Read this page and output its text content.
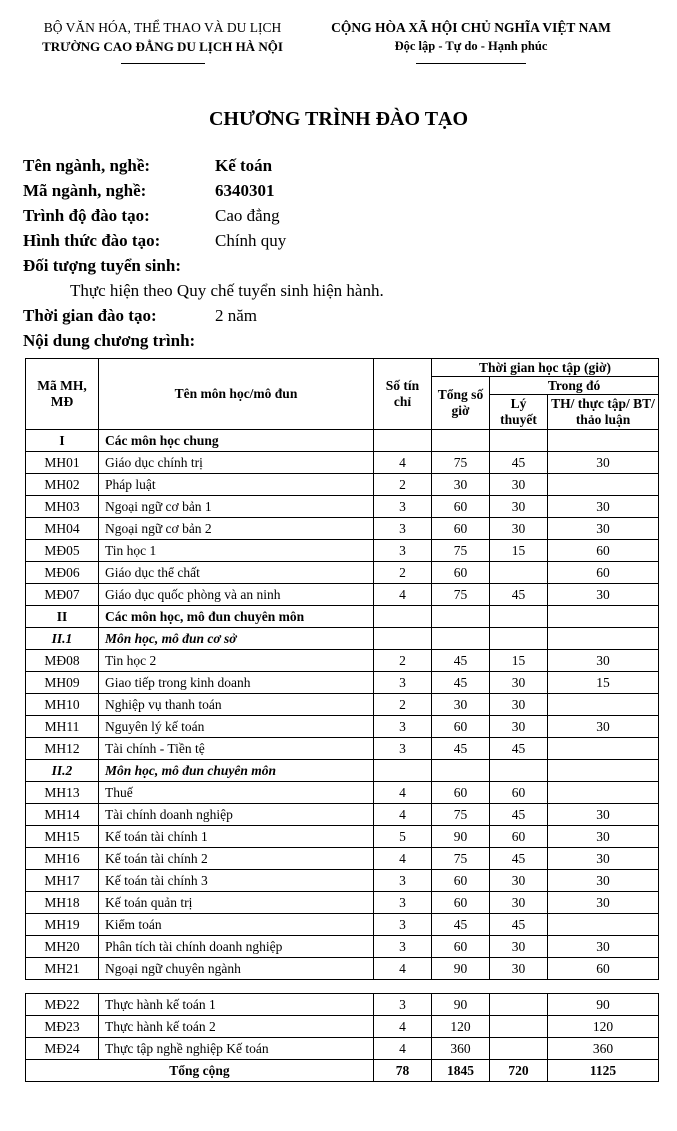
BỘ VĂN HÓA, THỂ THAO VÀ DU LỊCH
TRƯỜNG CAO ĐẲNG DU LỊCH HÀ NỘI
CỘNG HÒA XÃ HỘI CHỦ NGHĨA VIỆT NAM
Độc lập - Tự do - Hạnh phúc
CHƯƠNG TRÌNH ĐÀO TẠO
Tên ngành, nghề:	Kế toán
Mã ngành, nghề:	6340301
Trình độ đào tạo:	Cao đẳng
Hình thức đào tạo:	Chính quy
Đối tượng tuyển sinh:
Thực hiện theo Quy chế tuyển sinh hiện hành.
Thời gian đào tạo:	2 năm
Nội dung chương trình:
Mã MH, MĐ	Tên môn học/mô đun	Số tín chỉ	Thời gian học tập (giờ)		
			Tổng số giờ	Trong đó	
				Lý thuyết	TH/ thực tập/ BT/ thảo luận
I	Các môn học chung				
MH01	Giáo dục chính trị	4	75	45	30
MH02	Pháp luật	2	30	30	
MH03	Ngoại ngữ cơ bản 1	3	60	30	30
MH04	Ngoại ngữ cơ bản 2	3	60	30	30
MĐ05	Tin học 1	3	75	15	60
MĐ06	Giáo dục thể chất	2	60		60
MĐ07	Giáo dục quốc phòng và an ninh	4	75	45	30
II	Các môn học, mô đun chuyên môn				
II.1	Môn học, mô đun cơ sở				
MĐ08	Tin học 2	2	45	15	30
MH09	Giao tiếp trong kinh doanh	3	45	30	15
MH10	Nghiệp vụ thanh toán	2	30	30	
MH11	Nguyên lý kế toán	3	60	30	30
MH12	Tài chính - Tiền tệ	3	45	45	
II.2	Môn học, mô đun chuyên môn				
MH13	Thuế	4	60	60	
MH14	Tài chính doanh nghiệp	4	75	45	30
MH15	Kế toán tài chính 1	5	90	60	30
MH16	Kế toán tài chính 2	4	75	45	30
MH17	Kế toán tài chính 3	3	60	30	30
MH18	Kế toán quản trị	3	60	30	30
MH19	Kiểm toán	3	45	45	
MH20	Phân tích tài chính doanh nghiệp	3	60	30	30
MH21	Ngoại ngữ chuyên ngành	4	90	30	60
MĐ22	Thực hành kế toán 1	3	90		90
MĐ23	Thực hành kế toán 2	4	120		120
MĐ24	Thực tập nghề nghiệp Kế toán	4	360		360
Tổng cộng		78	1845	720	1125
